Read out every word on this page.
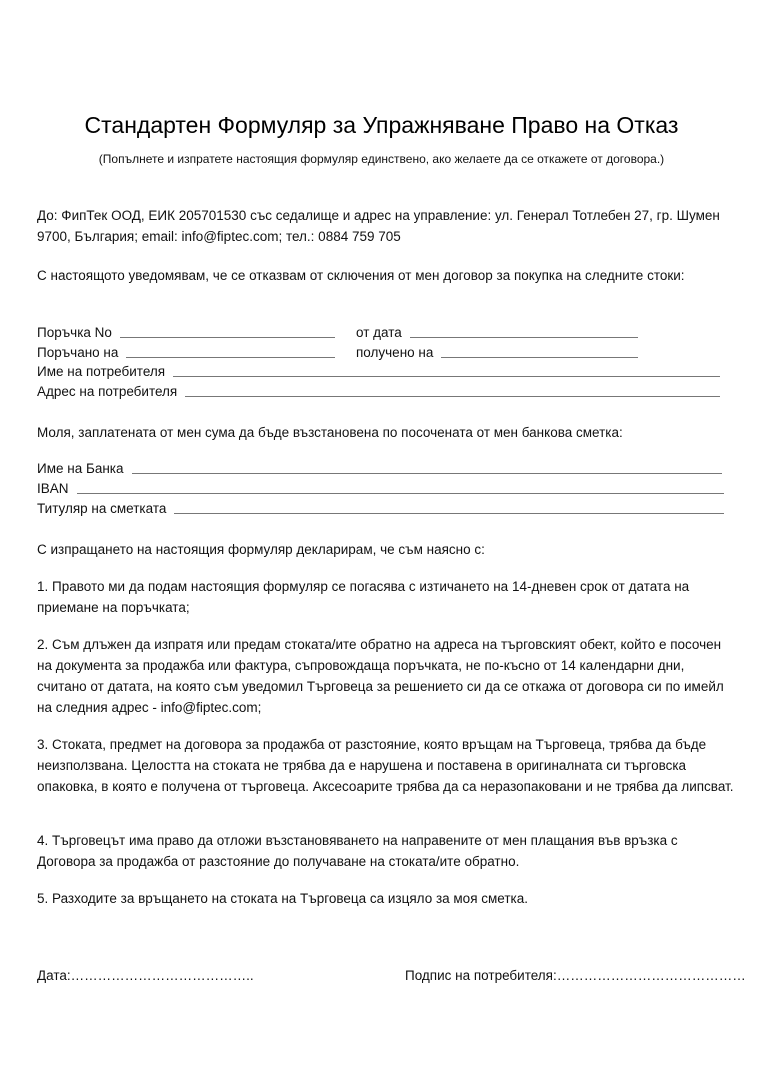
Стандартен Формуляр за Упражняване Право на Отказ
(Попълнете и изпратете настоящия формуляр единствено, ако желаете да се откажете от договора.)
До: ФипТек ООД, ЕИК 205701530 със седалище и адрес на управление: ул. Генерал Тотлебен 27, гр. Шумен 9700, България; email: info@fiptec.com; тел.: 0884 759 705
С настоящото уведомявам, че се отказвам от сключения от мен договор за покупка на следните стоки:
Поръчка No	от дата
Поръчано на	получено на
Име на потребителя
Адрес на потребителя
Моля, заплатената от мен сума да бъде възстановена по посочената от мен банкова сметка:
Име на Банка
IBAN
Титуляр на сметката
С изпращането на настоящия формуляр декларирам, че съм наясно с:
1. Правото ми да подам настоящия формуляр се погасява с изтичането на 14-дневен срок от датата на приемане на поръчката;
2. Съм длъжен да изпратя или предам стоката/ите обратно на адреса на търговският обект, който е посочен на документа за продажба или фактура, съпровождаща поръчката, не по-късно от 14 календарни дни, считано от датата, на която съм уведомил Търговеца за решението си да се откажа от договора си по имейл на следния адрес - info@fiptec.com;
3. Стоката, предмет на договора за продажба от разстояние, която връщам на Търговеца, трябва да бъде неизползвана. Целостта на стоката не трябва да е нарушена и поставена в оригиналната си търговска опаковка, в която е получена от търговеца. Аксесоарите трябва да са неразопаковани и не трябва да липсват.
4. Търговецът има право да отложи възстановяването на направените от мен плащания във връзка с Договора за продажба от разстояние до получаване на стоката/ите обратно.
5. Разходите за връщането на стоката на Търговеца са изцяло за моя сметка.
Дата:…………………………………..	Подпис на потребителя:……………………………………
